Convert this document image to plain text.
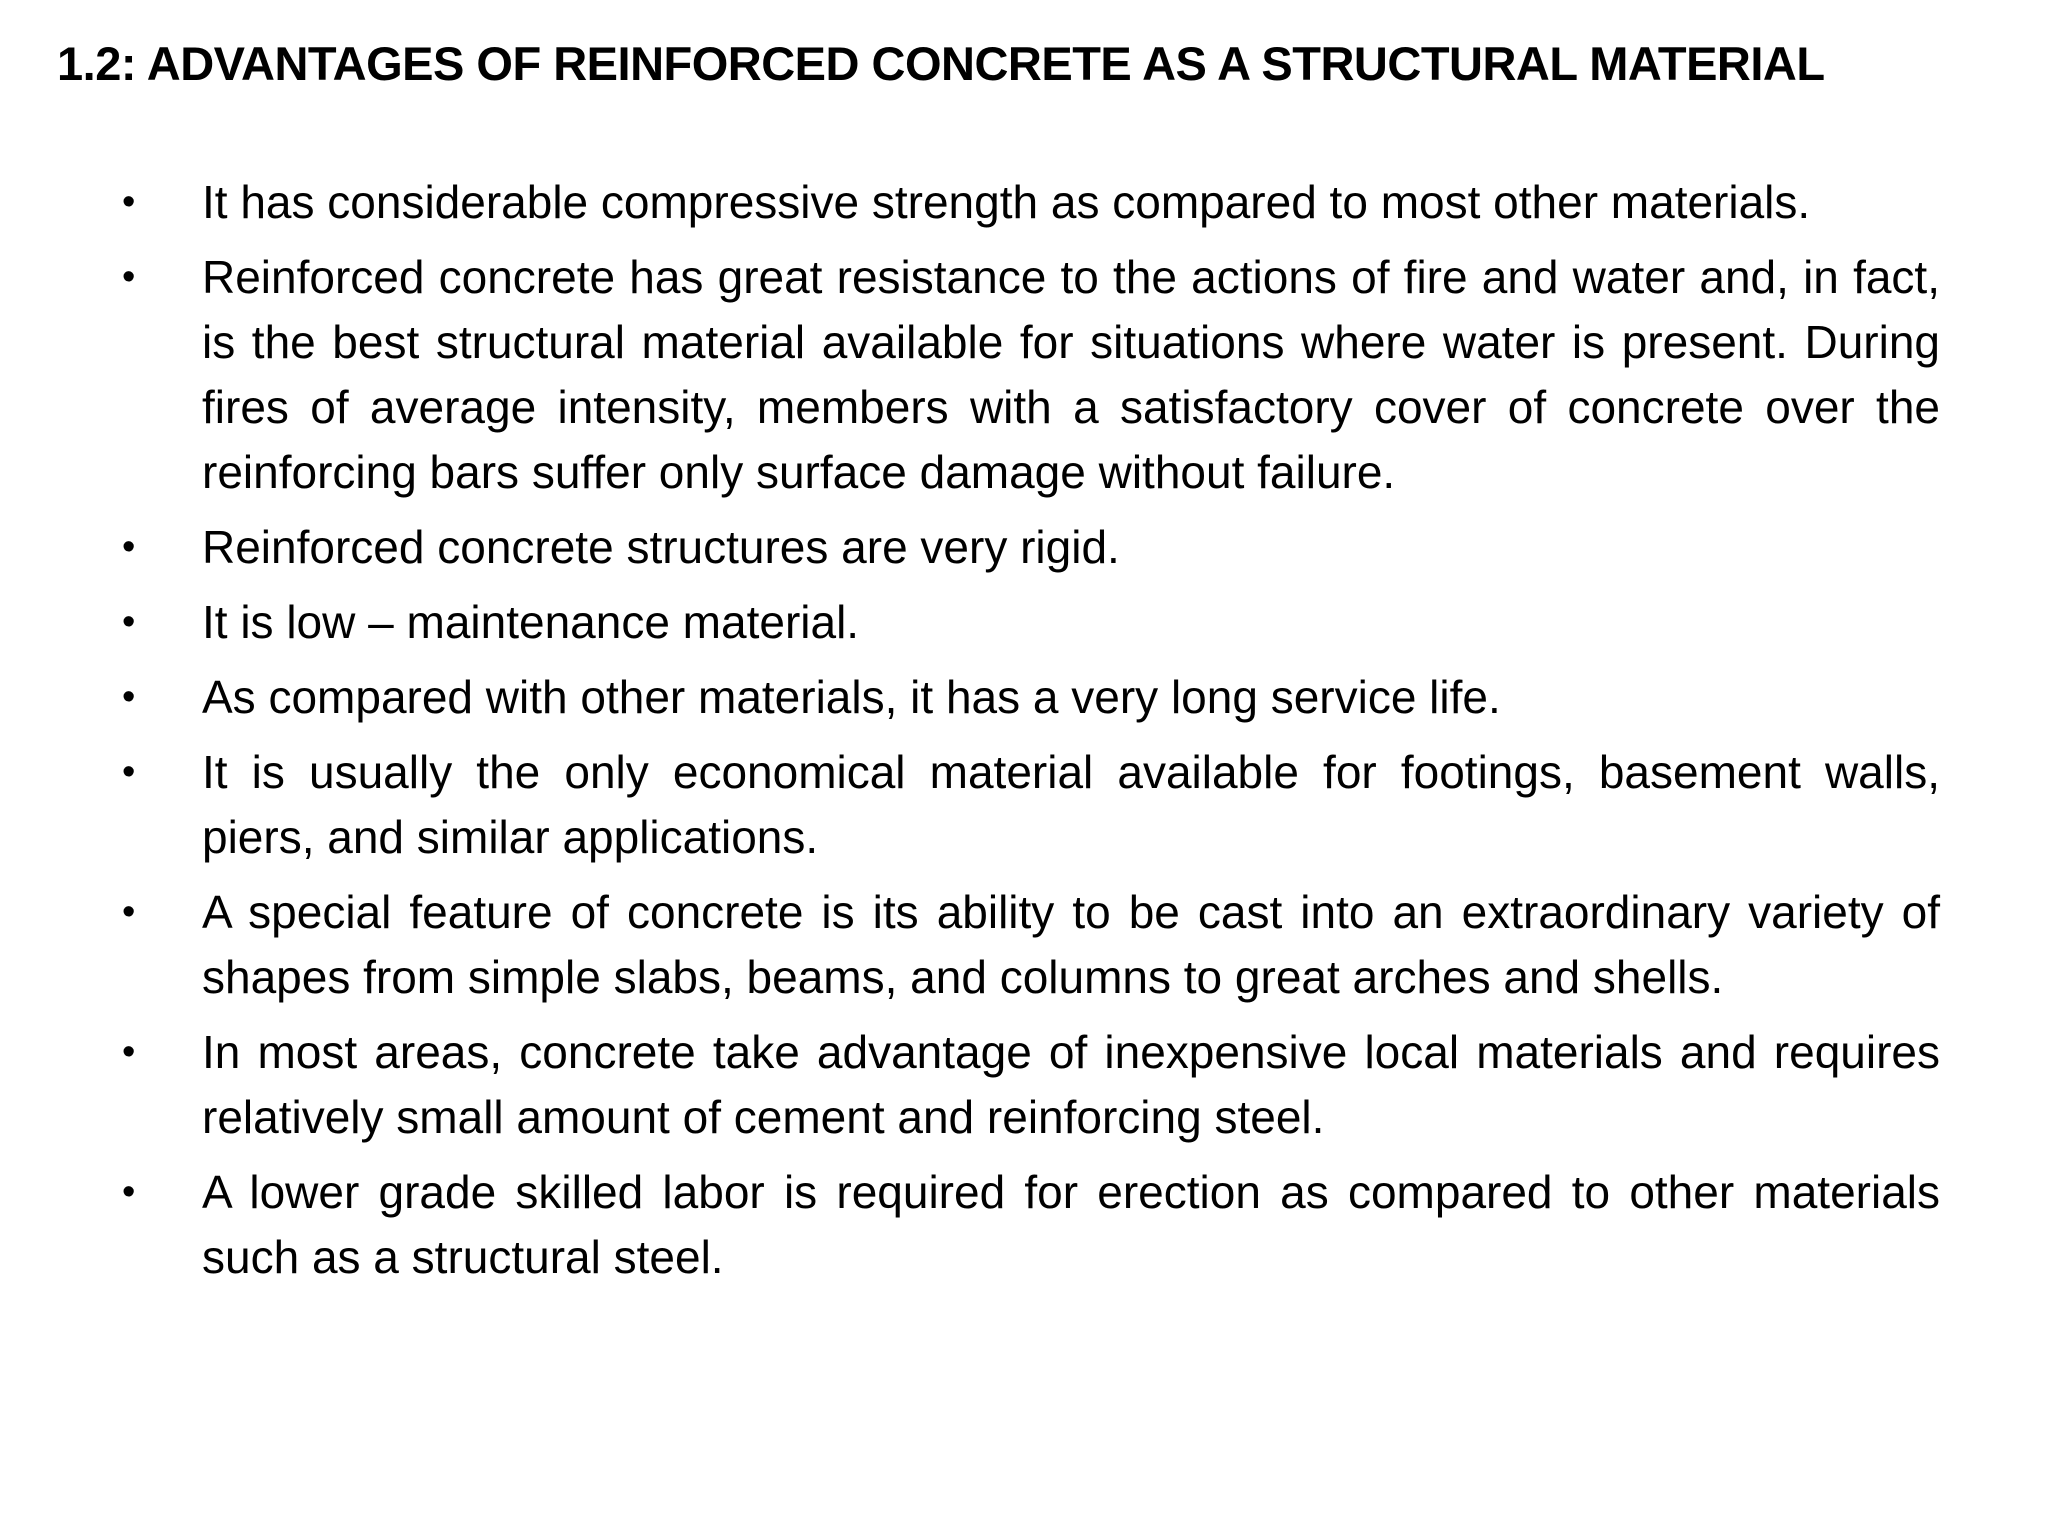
1.2: ADVANTAGES OF REINFORCED CONCRETE AS A STRUCTURAL MATERIAL
•	It has considerable compressive strength as compared to most other materials.
•	Reinforced concrete has great resistance to the actions of fire and water and, in fact, is the best structural material available for situations where water is present. During fires of average intensity, members with a satisfactory cover of concrete over the reinforcing bars suffer only surface damage without failure.
•	Reinforced concrete structures are very rigid.
•	It is low – maintenance material.
•	As compared with other materials, it has a very long service life.
•	It is usually the only economical material available for footings, basement walls, piers, and similar applications.
•	A special feature of concrete is its ability to be cast into an extraordinary variety of shapes from simple slabs, beams, and columns to great arches and shells.
•	In most areas, concrete take advantage of inexpensive local materials and requires relatively small amount of cement and reinforcing steel.
•	A lower grade skilled labor is required for erection as compared to other materials such as a structural steel.
